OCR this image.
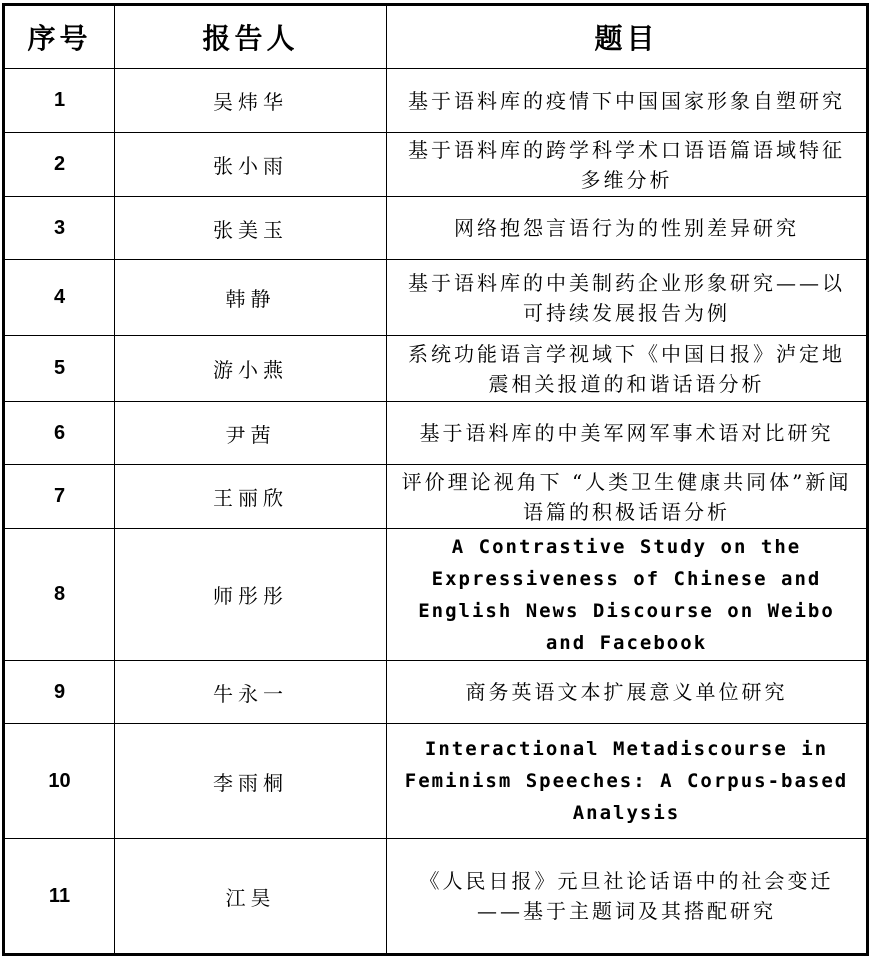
序号	报告人	题目
1	吴炜华	基于语料库的疫情下中国国家形象自塑研究
2	张小雨	基于语料库的跨学科学术口语语篇语域特征多维分析
3	张美玉	网络抱怨言语行为的性别差异研究
4	韩静	基于语料库的中美制药企业形象研究——以可持续发展报告为例
5	游小燕	系统功能语言学视域下《中国日报》泸定地震相关报道的和谐话语分析
6	尹茜	基于语料库的中美军网军事术语对比研究
7	王丽欣	评价理论视角下 “人类卫生健康共同体”新闻语篇的积极话语分析
8	师彤彤	A Contrastive Study on the Expressiveness of Chinese and English News Discourse on Weibo and Facebook
9	牛永一	商务英语文本扩展意义单位研究
10	李雨桐	Interactional Metadiscourse in Feminism Speeches: A Corpus-based Analysis
11	江昊	《人民日报》元旦社论话语中的社会变迁——基于主题词及其搭配研究
